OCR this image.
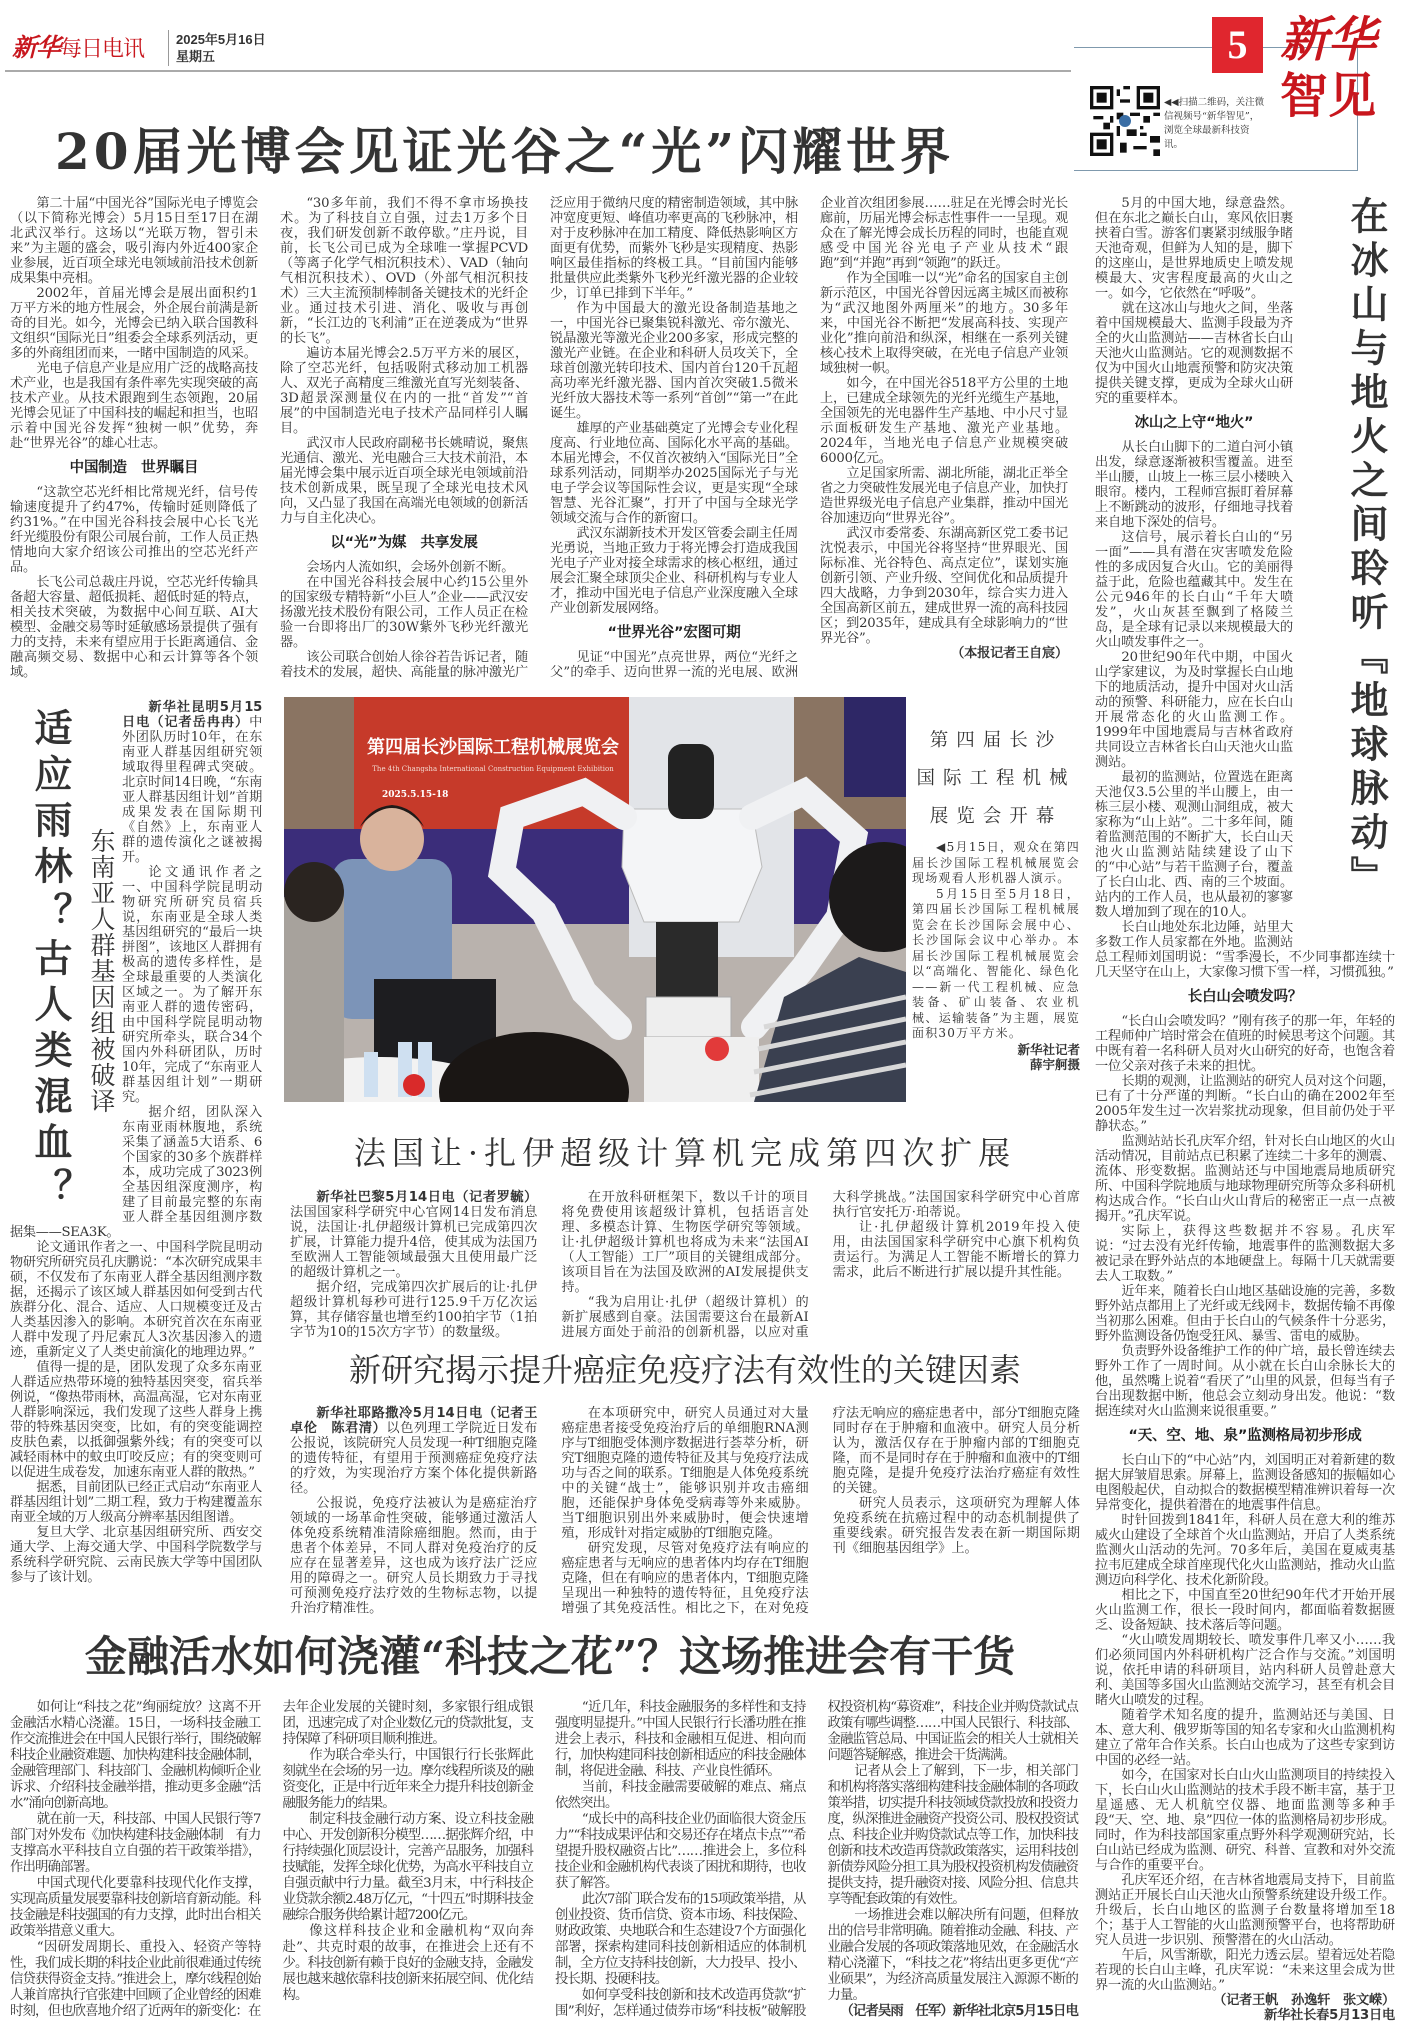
新华每日电讯 2025年5月16日
星期五
◀◀扫描二维码，关注微信视频号“新华智见”，浏览全球最新科技资讯。
5 新华
智见
20届光博会见证光谷之“光”闪耀世界

第二十届“中国光谷”国际光电子博览会（以下简称光博会）5月15日至17日在湖北武汉举行。这场以“光联万物，智引未来”为主题的盛会，吸引海内外近400家企业参展，近百项全球光电领域前沿技术创新成果集中亮相。

2002年，首届光博会是展出面积约1万平方米的地方性展会，外企展台前满是新奇的目光。如今，光博会已纳入联合国教科文组织“国际光日”组委会全球系列活动，更多的外商组团而来，一睹中国制造的风采。

光电子信息产业是应用广泛的战略高技术产业，也是我国有条件率先实现突破的高技术产业。从技术跟跑到生态领跑，20届光博会见证了中国科技的崛起和担当，也昭示着中国光谷发挥“独树一帜”优势，奔赴“世界光谷”的雄心壮志。

中国制造　世界瞩目

“这款空芯光纤相比常规光纤，信号传输速度提升了约47%，传输时延则降低了约31%。”在中国光谷科技会展中心长飞光纤光缆股份有限公司展台前，工作人员正热情地向大家介绍该公司推出的空芯光纤产品。

长飞公司总裁庄丹说，空芯光纤传输具备超大容量、超低损耗、超低时延的特点，相关技术突破，为数据中心间互联、AI大模型、金融交易等时延敏感场景提供了强有力的支持，未来有望应用于长距离通信、金融高频交易、数据中心和云计算等各个领域。

“30多年前，我们不得不拿市场换技术。为了科技自立自强，过去1万多个日夜，我们研发创新不敢停歇。”庄丹说，目前，长飞公司已成为全球唯一掌握PCVD（等离子化学气相沉积技术）、VAD（轴向气相沉积技术）、OVD（外部气相沉积技术）三大主流预制棒制备关键技术的光纤企业。通过技术引进、消化、吸收与再创新，“长江边的飞利浦”正在逆袭成为“世界的长飞”。

遍访本届光博会2.5万平方米的展区，除了空芯光纤，包括吸附式移动加工机器人、双光子高精度三维激光直写光刻装备、3D超景深测量仪在内的一批“首发”“首展”的中国制造光电子技术产品同样引人瞩目。

武汉市人民政府副秘书长姚晴说，聚焦光通信、激光、光电融合三大技术前沿，本届光博会集中展示近百项全球光电领域前沿技术创新成果，既呈现了全球光电技术风向，又凸显了我国在高端光电领域的创新活力与自主化决心。

以“光”为媒　共享发展

会场内人流如织，会场外创新不断。

在中国光谷科技会展中心约15公里外的国家级专精特新“小巨人”企业——武汉安扬激光技术股份有限公司，工作人员正在检验一台即将出厂的30W紫外飞秒光纤激光器。

该公司联合创始人徐谷若告诉记者，随着技术的发展，超快、高能量的脉冲激光广泛应用于微纳尺度的精密制造领域，其中脉冲宽度更短、峰值功率更高的飞秒脉冲，相对于皮秒脉冲在加工精度、降低热影响区方面更有优势，而紫外飞秒是实现精度、热影响区最佳指标的终极工具。“目前国内能够批量供应此类紫外飞秒光纤激光器的企业较少，订单已排到下半年。”

作为中国最大的激光设备制造基地之一，中国光谷已聚集锐科激光、帝尔激光、锐晶激光等激光企业200多家，形成完整的激光产业链。在企业和科研人员攻关下，全球首创激光转印技术、国内首台120千瓦超高功率光纤激光器、国内首次突破1.5微米光纤放大器技术等一系列“首创”“第一”在此诞生。

雄厚的产业基础奠定了光博会专业化程度高、行业地位高、国际化水平高的基础。本届光博会，不仅首次被纳入“国际光日”全球系列活动，同期举办2025国际光子与光电子学会议等国际性会议，更是实现“全球智慧、光谷汇聚”，打开了中国与全球光学领域交流与合作的新窗口。

武汉东湖新技术开发区管委会副主任周光勇说，当地正致力于将光博会打造成我国光电子产业对接全球需求的核心枢纽，通过展会汇聚全球顶尖企业、科研机构与专业人才，推动中国光电子信息产业深度融入全球产业创新发展网络。

“世界光谷”宏图可期

见证“中国光”点亮世界，两位“光纤之父”的牵手、迈向世界一流的光电展、欧洲企业首次组团参展……驻足在光博会时光长廊前，历届光博会标志性事件一一呈现。观众在了解光博会成长历程的同时，也能直观感受中国光谷光电子产业从技术“跟跑”到“并跑”再到“领跑”的跃迁。

作为全国唯一以“光”命名的国家自主创新示范区，中国光谷曾因远离主城区而被称为“武汉地图外两厘米”的地方。30多年来，中国光谷不断把“发展高科技、实现产业化”推向前沿和纵深，相继在一系列关键核心技术上取得突破，在光电子信息产业领域独树一帜。

如今，在中国光谷518平方公里的土地上，已建成全球领先的光纤光缆生产基地，全国领先的光电器件生产基地、中小尺寸显示面板研发生产基地、激光产业基地。2024年，当地光电子信息产业规模突破6000亿元。

立足国家所需、湖北所能，湖北正举全省之力突破性发展光电子信息产业，加快打造世界级光电子信息产业集群，推动中国光谷加速迈向“世界光谷”。

武汉市委常委、东湖高新区党工委书记沈悦表示，中国光谷将坚持“世界眼光、国际标准、光谷特色、高点定位”，谋划实施创新引领、产业升级、空间优化和品质提升四大战略，力争到2030年，综合实力进入全国高新区前五，建成世界一流的高科技园区；到2035年，建成具有全球影响力的“世界光谷”。

（本报记者王自宸）

适应雨林？古人类混血？ 东南亚人群基因组被破译

新华社昆明5月15日电（记者岳冉冉）中外团队历时10年，在东南亚人群基因组研究领域取得里程碑式突破。北京时间14日晚，“东南亚人群基因组计划”首期成果发表在国际期刊《自然》上，东南亚人群的遗传演化之谜被揭开。

论文通讯作者之一、中国科学院昆明动物研究所研究员宿兵说，东南亚是全球人类基因组研究的“最后一块拼图”，该地区人群拥有极高的遗传多样性，是全球最重要的人类演化区域之一。为了解开东南亚人群的遗传密码，由中国科学院昆明动物研究所牵头，联合34个国内外科研团队，历时10年，完成了“东南亚人群基因组计划”一期研究。

据介绍，团队深入东南亚雨林腹地，系统采集了涵盖5大语系、6个国家的30多个族群样本，成功完成了3023例全基因组深度测序，构建了目前最完整的东南亚人群全基因组测序数据集——SEA3K。

论文通讯作者之一、中国科学院昆明动物研究所研究员孔庆鹏说：“本次研究成果丰硕，不仅发布了东南亚人群全基因组测序数据，还揭示了该区域人群基因如何受到古代族群分化、混合、适应、人口规模变迁及古人类基因渗入的影响。本研究首次在东南亚人群中发现了丹尼索瓦人3次基因渗入的遗迹，重新定义了人类史前演化的地理边界。”

值得一提的是，团队发现了众多东南亚人群适应热带环境的独特基因突变，宿兵举例说，“像热带雨林，高温高湿，它对东南亚人群影响深远，我们发现了这些人群身上携带的特殊基因突变，比如，有的突变能调控皮肤色素，以抵御强紫外线；有的突变可以减轻雨林中的蚊虫叮咬反应；有的突变则可以促进生成卷发，加速东南亚人群的散热。”

据悉，目前团队已经正式启动“东南亚人群基因组计划”二期工程，致力于构建覆盖东南亚全域的万人级高分辨率基因组图谱。

复旦大学、北京基因组研究所、西安交通大学、上海交通大学、中国科学院数学与系统科学研究院、云南民族大学等中国团队参与了该计划。

第四届长沙国际工程机械展览会
The 4th Changsha International Construction Equipment Exhibition
2025.5.15-18
第四届长沙
国际工程机械
展览会开幕

◀5月15日，观众在第四届长沙国际工程机械展览会现场观看人形机器人演示。

5月15日至5月18日，第四届长沙国际工程机械展览会在长沙国际会展中心、长沙国际会议中心举办。本届长沙国际工程机械展览会以“高端化、智能化、绿色化——新一代工程机械、应急装备、矿山装备、农业机械、运输装备”为主题，展览面积30万平方米。

新华社记者

薛宇舸摄

法国让·扎伊超级计算机完成第四次扩展

新华社巴黎5月14日电（记者罗毓）法国国家科学研究中心官网14日发布消息说，法国让·扎伊超级计算机已完成第四次扩展，计算能力提升4倍，使其成为法国乃至欧洲人工智能领域最强大且使用最广泛的超级计算机之一。

据介绍，完成第四次扩展后的让·扎伊超级计算机每秒可进行125.9千万亿次运算，其存储容量也增至约100拍字节（1拍字节为10的15次方字节）的数量级。

在开放科研框架下，数以千计的项目将免费使用该超级计算机，包括语言处理、多模态计算、生物医学研究等领域。让·扎伊超级计算机也将成为未来“法国AI（人工智能）工厂”项目的关键组成部分。该项目旨在为法国及欧洲的AI发展提供支持。

“我为启用让·扎伊（超级计算机）的新扩展感到自豪。法国需要这台在最新AI进展方面处于前沿的创新机器，以应对重大科学挑战。”法国国家科学研究中心首席执行官安托万·珀蒂说。

让·扎伊超级计算机2019年投入使用，由法国国家科学研究中心旗下机构负责运行。为满足人工智能不断增长的算力需求，此后不断进行扩展以提升其性能。

新研究揭示提升癌症免疫疗法有效性的关键因素

新华社耶路撒冷5月14日电（记者王卓伦　陈君清）以色列理工学院近日发布公报说，该院研究人员发现一种T细胞克隆的遗传特征，有望用于预测癌症免疫疗法的疗效，为实现治疗方案个体化提供新路径。

公报说，免疫疗法被认为是癌症治疗领域的一场革命性突破，能够通过激活人体免疫系统精准清除癌细胞。然而，由于患者个体差异，不同人群对免疫治疗的反应存在显著差异，这也成为该疗法广泛应用的障碍之一。研究人员长期致力于寻找可预测免疫疗法疗效的生物标志物，以提升治疗精准性。

在本项研究中，研究人员通过对大量癌症患者接受免疫治疗后的单细胞RNA测序与T细胞受体测序数据进行荟萃分析，研究T细胞克隆的遗传特征及其与免疫疗法成功与否之间的联系。T细胞是人体免疫系统中的关键“战士”，能够识别并攻击癌细胞，还能保护身体免受病毒等外来威胁。当T细胞识别出外来威胁时，便会快速增殖，形成针对指定威胁的T细胞克隆。

研究发现，尽管对免疫疗法有响应的癌症患者与无响应的患者体内均存在T细胞克隆，但在有响应的患者体内，T细胞克隆呈现出一种独特的遗传特征，且免疫疗法增强了其免疫活性。相比之下，在对免疫疗法无响应的癌症患者中，部分T细胞克隆同时存在于肿瘤和血液中。研究人员分析认为，激活仅存在于肿瘤内部的T细胞克隆，而不是同时存在于肿瘤和血液中的T细胞克隆，是提升免疫疗法治疗癌症有效性的关键。

研究人员表示，这项研究为理解人体免疫系统在抗癌过程中的动态机制提供了重要线索。研究报告发表在新一期国际期刊《细胞基因组学》上。

金融活水如何浇灌“科技之花”？这场推进会有干货

如何让“科技之花”绚丽绽放？这离不开金融活水精心浇灌。15日，一场科技金融工作交流推进会在中国人民银行举行，围绕破解科技企业融资难题、加快构建科技金融体制，金融管理部门、科技部门、金融机构倾听企业诉求、介绍科技金融举措，推动更多金融“活水”涌向创新高地。

就在前一天，科技部、中国人民银行等7部门对外发布《加快构建科技金融体制　有力支撑高水平科技自立自强的若干政策举措》，作出明确部署。

中国式现代化要靠科技现代化作支撑，实现高质量发展要靠科技创新培育新动能。科技金融是科技强国的有力支撑，此时出台相关政策举措意义重大。

“因研发周期长、重投入、轻资产等特性，我们成长期的科技企业此前很难通过传统信贷获得资金支持。”推进会上，摩尔线程创始人兼首席执行官张建中回顾了企业曾经的困难时刻，但也欣喜地介绍了近两年的新变化：在去年企业发展的关键时刻，多家银行组成银团，迅速完成了对企业数亿元的贷款批复，支持保障了科研项目顺利推进。

作为联合牵头行，中国银行行长张辉此刻就坐在会场的另一边。摩尔线程所谈及的融资变化，正是中行近年来全力提升科技创新金融服务能力的结果。

制定科技金融行动方案、设立科技金融中心、开发创新积分模型……据张辉介绍，中行持续强化顶层设计，完善产品服务，加强科技赋能，发挥全球化优势，为高水平科技自立自强贡献中行力量。截至3月末，中行科技企业贷款余额2.48万亿元，“十四五”时期科技金融综合服务供给累计超7200亿元。

像这样科技企业和金融机构“双向奔赴”、共克时艰的故事，在推进会上还有不少。科技创新有赖于良好的金融支持，金融发展也越来越依靠科技创新来拓展空间、优化结构。

“近几年，科技金融服务的多样性和支持强度明显提升。”中国人民银行行长潘功胜在推进会上表示，科技和金融相互促进、相向而行，加快构建同科技创新相适应的科技金融体制，将促进金融、科技、产业良性循环。

当前，科技金融需要破解的难点、痛点依然突出。

“成长中的高科技企业仍面临很大资金压力”“科技成果评估和交易还存在堵点卡点”“希望提升股权融资占比”……推进会上，多位科技企业和金融机构代表谈了困扰和期待，也收获了解答。

此次7部门联合发布的15项政策举措，从创业投资、货币信贷、资本市场、科技保险、财政政策、央地联合和生态建设7个方面强化部署，探索构建同科技创新相适应的体制机制，全方位支持科技创新，大力投早、投小、投长期、投硬科技。

如何享受科技创新和技术改造再贷款“扩围”利好，怎样通过债券市场“科技板”破解股权投资机构“募资难”，科技企业并购贷款试点政策有哪些调整……中国人民银行、科技部、金融监管总局、中国证监会的相关人士就相关问题答疑解惑，推进会干货满满。

记者从会上了解到，下一步，相关部门和机构将落实落细构建科技金融体制的各项政策举措，切实提升科技领域贷款投放和投资力度，纵深推进金融资产投资公司、股权投资试点、科技企业并购贷款试点等工作，加快科技创新和技术改造再贷款政策落实，运用科技创新债券风险分担工具为股权投资机构发债融资提供支持，提升融资对接、风险分担、信息共享等配套政策的有效性。

一场推进会难以解决所有问题，但释放出的信号非常明确。随着推动金融、科技、产业融合发展的各项政策落地见效，在金融活水精心浇灌下，“科技之花”将结出更多更优“产业硕果”，为经济高质量发展注入源源不断的力量。

（记者吴雨　任军）新华社北京5月15日电

在冰山与地火之间聆听『地球脉动』

5月的中国大地，绿意盎然。但在东北之巅长白山，寒风依旧裹挟着白雪。游客们裹紧羽绒服争睹天池奇观，但鲜为人知的是，脚下的这座山，是世界地质史上喷发规模最大、灾害程度最高的火山之一。如今，它依然在“呼吸”。

就在这冰山与地火之间，坐落着中国规模最大、监测手段最为齐全的火山监测站——吉林省长白山天池火山监测站。它的观测数据不仅为中国火山地震预警和防灾决策提供关键支撑，更成为全球火山研究的重要样本。

冰山之上守“地火”

从长白山脚下的二道白河小镇出发，绿意逐渐被积雪覆盖。进至半山腰，山坡上一栋三层小楼映入眼帘。楼内，工程师宫振盯着屏幕上不断跳动的波形，仔细地寻找着来自地下深处的信号。

这信号，展示着长白山的“另一面”——具有潜在灾害喷发危险性的多成因复合火山。它的美丽得益于此，危险也蕴藏其中。发生在公元946年的长白山“千年大喷发”，火山灰甚至飘到了格陵兰岛，是全球有记录以来规模最大的火山喷发事件之一。

20世纪90年代中期，中国火山学家建议，为及时掌握长白山地下的地质活动，提升中国对火山活动的预警、科研能力，应在长白山开展常态化的火山监测工作。1999年中国地震局与吉林省政府共同设立吉林省长白山天池火山监测站。

最初的监测站，位置选在距离天池仅3.5公里的半山腰上，由一栋三层小楼、观测山洞组成，被大家称为“山上站”。二十多年间，随着监测范围的不断扩大，长白山天池火山监测站陆续建设了山下的“中心站”与若干监测子台，覆盖了长白山北、西、南的三个坡面。站内的工作人员，也从最初的寥寥数人增加到了现在的10人。

长白山地处东北边陲，站里大多数工作人员家都在外地。监测站总工程师刘国明说：“雪季漫长，不少同事都连续十几天坚守在山上，大家像习惯下雪一样，习惯孤独。”

长白山会喷发吗？

“长白山会喷发吗？”刚有孩子的那一年，年轻的工程师仲广培时常会在值班的时候思考这个问题。其中既有着一名科研人员对火山研究的好奇，也饱含着一位父亲对孩子未来的担忧。

长期的观测，让监测站的研究人员对这个问题，已有了十分严谨的判断。“长白山的确在2002年至2005年发生过一次岩浆扰动现象，但目前仍处于平静状态。”

监测站站长孔庆军介绍，针对长白山地区的火山活动情况，目前站点已积累了连续二十多年的测震、流体、形变数据。监测站还与中国地震局地质研究所、中国科学院地质与地球物理研究所等众多科研机构达成合作。“长白山火山背后的秘密正一点一点被揭开。”孔庆军说。

实际上，获得这些数据并不容易。孔庆军说：“过去没有光纤传输，地震事件的监测数据大多被记录在野外站点的本地硬盘上。每隔十几天就需要去人工取数。”

近年来，随着长白山地区基础设施的完善，多数野外站点都用上了光纤或无线网卡，数据传输不再像当初那么困难。但由于长白山的气候条件十分恶劣，野外监测设备仍饱受狂风、暴雪、雷电的威胁。

负责野外设备维护工作的仲广培，最长曾连续去野外工作了一周时间。从小就在长白山余脉长大的他，虽然嘴上说着“看厌了”山里的风景，但每当有子台出现数据中断，他总会立刻动身出发。他说：“数据连续对火山监测来说很重要。”

“天、空、地、泉”监测格局初步形成

长白山下的“中心站”内，刘国明正对着新建的数据大屏皱眉思索。屏幕上，监测设备感知的振幅如心电图般起伏，自动拟合的数据模型精准辨识着每一次异常变化，提供着潜在的地震事件信息。

时针回拨到1841年，科研人员在意大利的维苏威火山建设了全球首个火山监测站，开启了人类系统监测火山活动的先河。70多年后，美国在夏威夷基拉韦厄建成全球首座现代化火山监测站，推动火山监测迈向科学化、技术化新阶段。

相比之下，中国直至20世纪90年代才开始开展火山监测工作，很长一段时间内，都面临着数据匮乏、设备短缺、技术落后等问题。

“火山喷发周期较长、喷发事件几率又小……我们必须同国内外科研机构广泛合作与交流。”刘国明说，依托申请的科研项目，站内科研人员曾赴意大利、美国等多国火山监测站交流学习，甚至有机会目睹火山喷发的过程。

随着学术知名度的提升，监测站还与美国、日本、意大利、俄罗斯等国的知名专家和火山监测机构建立了常年合作关系。长白山也成为了这些专家到访中国的必经一站。

如今，在国家对长白山火山监测项目的持续投入下，长白山火山监测站的技术手段不断丰富，基于卫星遥感、无人机航空仪器、地面监测等多种手段“天、空、地、泉”四位一体的监测格局初步形成。同时，作为科技部国家重点野外科学观测研究站，长白山站已经成为监测、研究、科普、宣教和对外交流与合作的重要平台。

孔庆军还介绍，在吉林省地震局支持下，目前监测站正开展长白山天池火山预警系统建设升级工作。升级后，长白山地区的监测子台数量将增加至18个；基于人工智能的火山监测预警平台，也将帮助研究人员进一步识别、预警潜在的火山活动。

午后，风雪渐歇，阳光力透云层。望着远处若隐若现的长白山主峰，孔庆军说：“未来这里会成为世界一流的火山监测站。”

（记者王帆　孙逸轩　张文嵘）

新华社长春5月13日电
